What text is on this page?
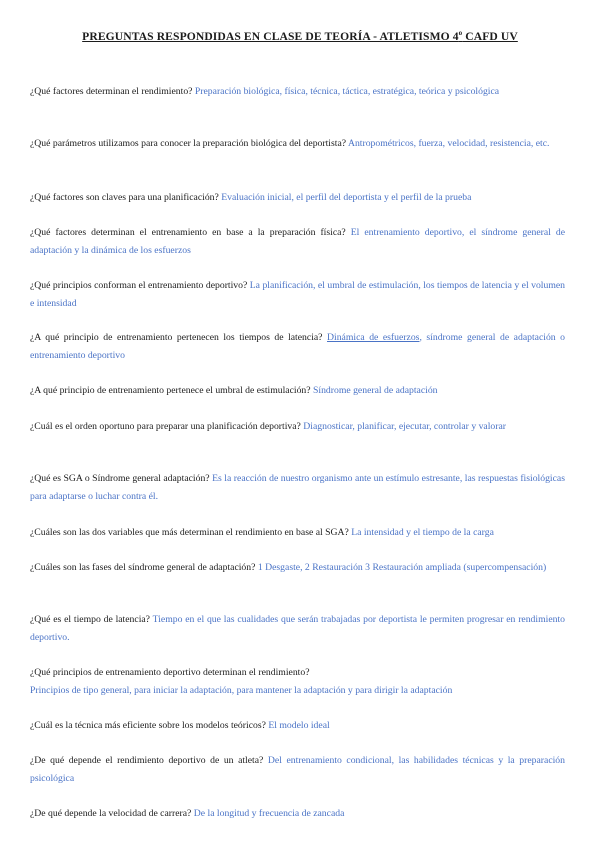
PREGUNTAS RESPONDIDAS EN CLASE DE TEORÍA - ATLETISMO 4$^o$ CAFD UV

¿Qué factores determinan el rendimiento? Preparación biológica, física, técnica, táctica, estratégica, teórica y psicológica

¿Qué parámetros utilizamos para conocer la preparación biológica del deportista? Antropométricos, fuerza, velocidad, resistencia, etc.

¿Qué factores son claves para una planificación? Evaluación inicial, el perfil del deportista y el perfil de la prueba

¿Qué factores determinan el entrenamiento en base a la preparación física? El entrenamiento deportivo, el síndrome general de adaptación y la dinámica de los esfuerzos

¿Qué principios conforman el entrenamiento deportivo? La planificación, el umbral de estimulación, los tiempos de latencia y el volumen e intensidad

¿A qué principio de entrenamiento pertenecen los tiempos de latencia? Dinámica de esfuerzos, síndrome general de adaptación o entrenamiento deportivo

¿A qué principio de entrenamiento pertenece el umbral de estimulación? Síndrome general de adaptación

¿Cuál es el orden oportuno para preparar una planificación deportiva? Diagnosticar, planificar, ejecutar, controlar y valorar

¿Qué es SGA o Síndrome general adaptación? Es la reacción de nuestro organismo ante un estímulo estresante, las respuestas fisiológicas para adaptarse o luchar contra él.

¿Cuáles son las dos variables que más determinan el rendimiento en base al SGA? La intensidad y el tiempo de la carga

¿Cuáles son las fases del síndrome general de adaptación? 1 Desgaste, 2 Restauración 3 Restauración ampliada (supercompensación)

¿Qué es el tiempo de latencia? Tiempo en el que las cualidades que serán trabajadas por deportista le permiten progresar en rendimiento deportivo.

¿Qué principios de entrenamiento deportivo determinan el rendimiento?
Principios de tipo general, para iniciar la adaptación, para mantener la adaptación y para dirigir la adaptación

¿Cuál es la técnica más eficiente sobre los modelos teóricos? El modelo ideal

¿De qué depende el rendimiento deportivo de un atleta? Del entrenamiento condicional, las habilidades técnicas y la preparación psicológica

¿De qué depende la velocidad de carrera? De la longitud y frecuencia de zancada
